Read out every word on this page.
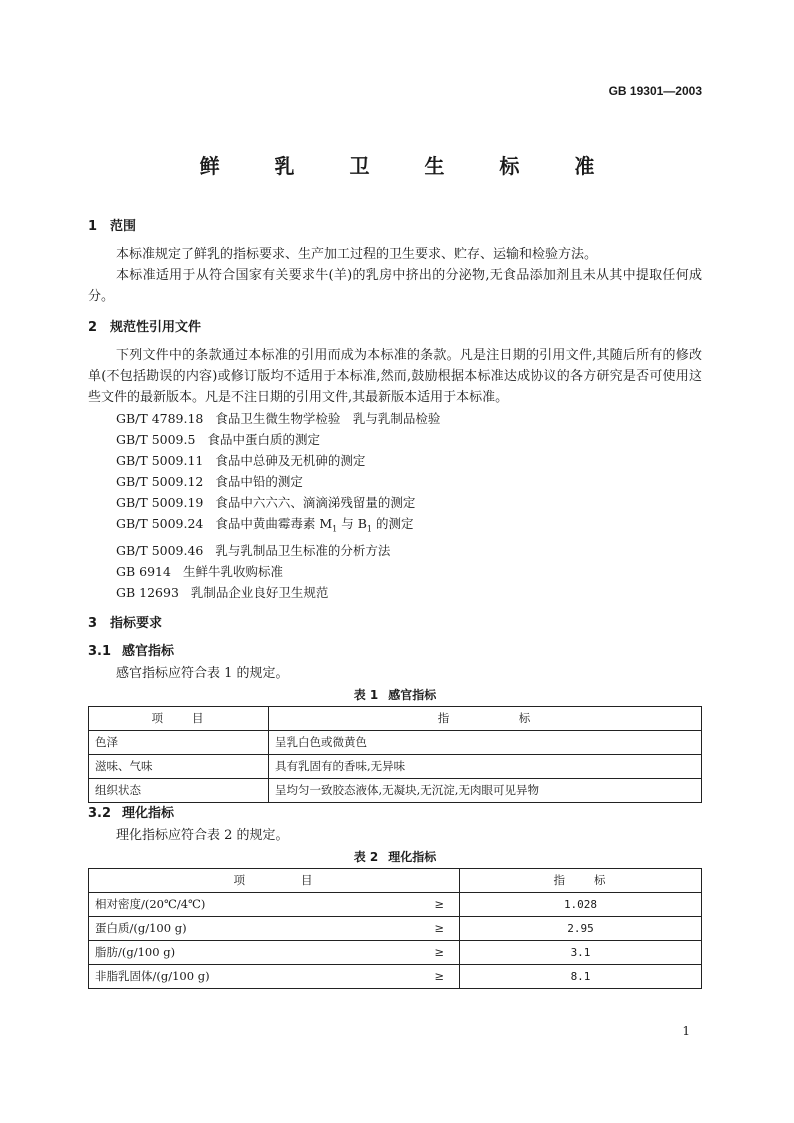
GB 19301—2003
鲜 乳 卫 生 标 准
1 范围

本标准规定了鲜乳的指标要求、生产加工过程的卫生要求、贮存、运输和检验方法。

本标准适用于从符合国家有关要求牛(羊)的乳房中挤出的分泌物,无食品添加剂且未从其中提取任何成分。

2 规范性引用文件

下列文件中的条款通过本标准的引用而成为本标准的条款。凡是注日期的引用文件,其随后所有的修改单(不包括勘误的内容)或修订版均不适用于本标准,然而,鼓励根据本标准达成协议的各方研究是否可使用这些文件的最新版本。凡是不注日期的引用文件,其最新版本适用于本标准。

GB/T 4789.18 食品卫生微生物学检验　乳与乳制品检验
GB/T 5009.5 食品中蛋白质的测定
GB/T 5009.11 食品中总砷及无机砷的测定
GB/T 5009.12 食品中铅的测定
GB/T 5009.19 食品中六六六、滴滴涕残留量的测定
GB/T 5009.24 食品中黄曲霉毒素 $M_1$ 与 $B_1$ 的测定
GB/T 5009.46 乳与乳制品卫生标准的分析方法
GB 6914 生鲜牛乳收购标准
GB 12693 乳制品企业良好卫生规范
3 指标要求
3.1 感官指标

感官指标应符合表 1 的规定。

表 1 感官指标
项　　目	指　　　　　标
色泽	呈乳白色或微黄色
滋味、气味	具有乳固有的香味,无异味
组织状态	呈均匀一致胶态液体,无凝块,无沉淀,无肉眼可见异物
3.2 理化指标

理化指标应符合表 2 的规定。

表 2 理化指标
项　　　　目		指　　标
相对密度/(20℃/4℃)	≥	1.028
蛋白质/(g/100 g)	≥	2.95
脂肪/(g/100 g)	≥	3.1
非脂乳固体/(g/100 g)	≥	8.1
1
